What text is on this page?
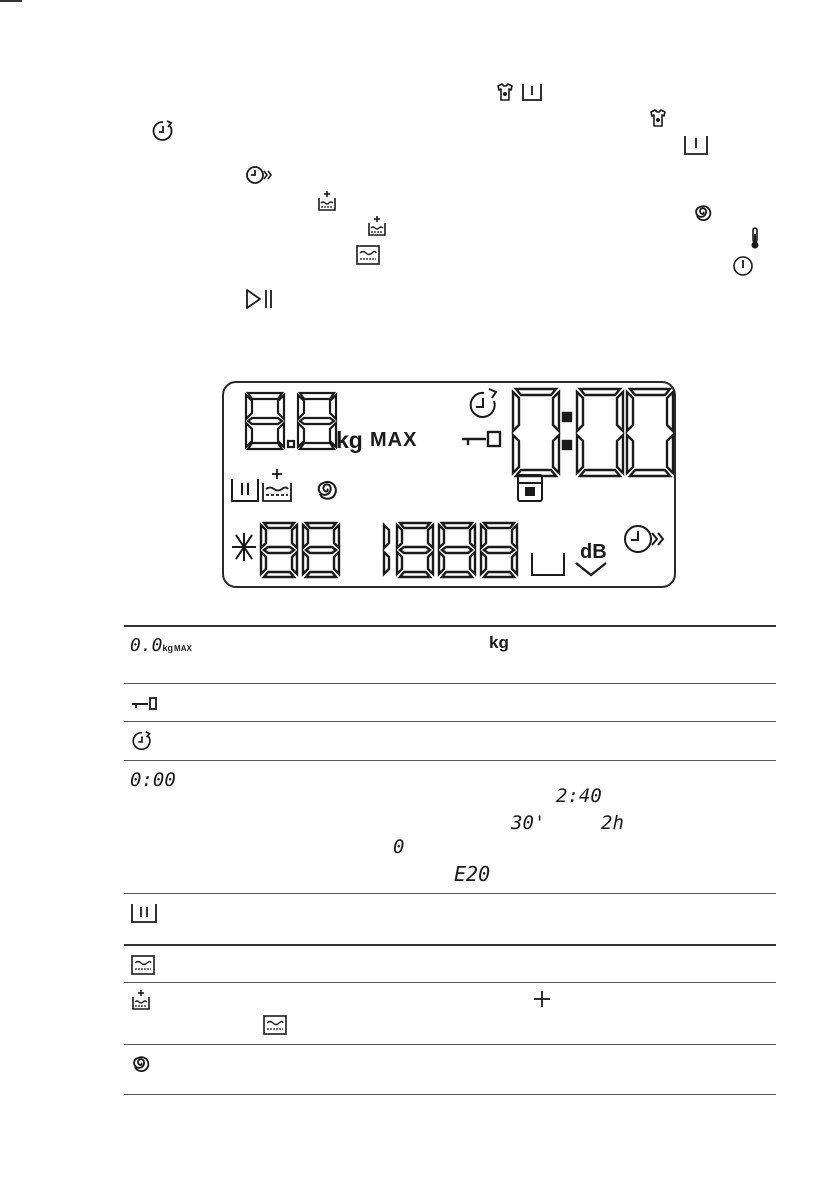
kg MAX
dB
0.0kgMAX	kg
0:00
2:40
30'	2h
0
E20
